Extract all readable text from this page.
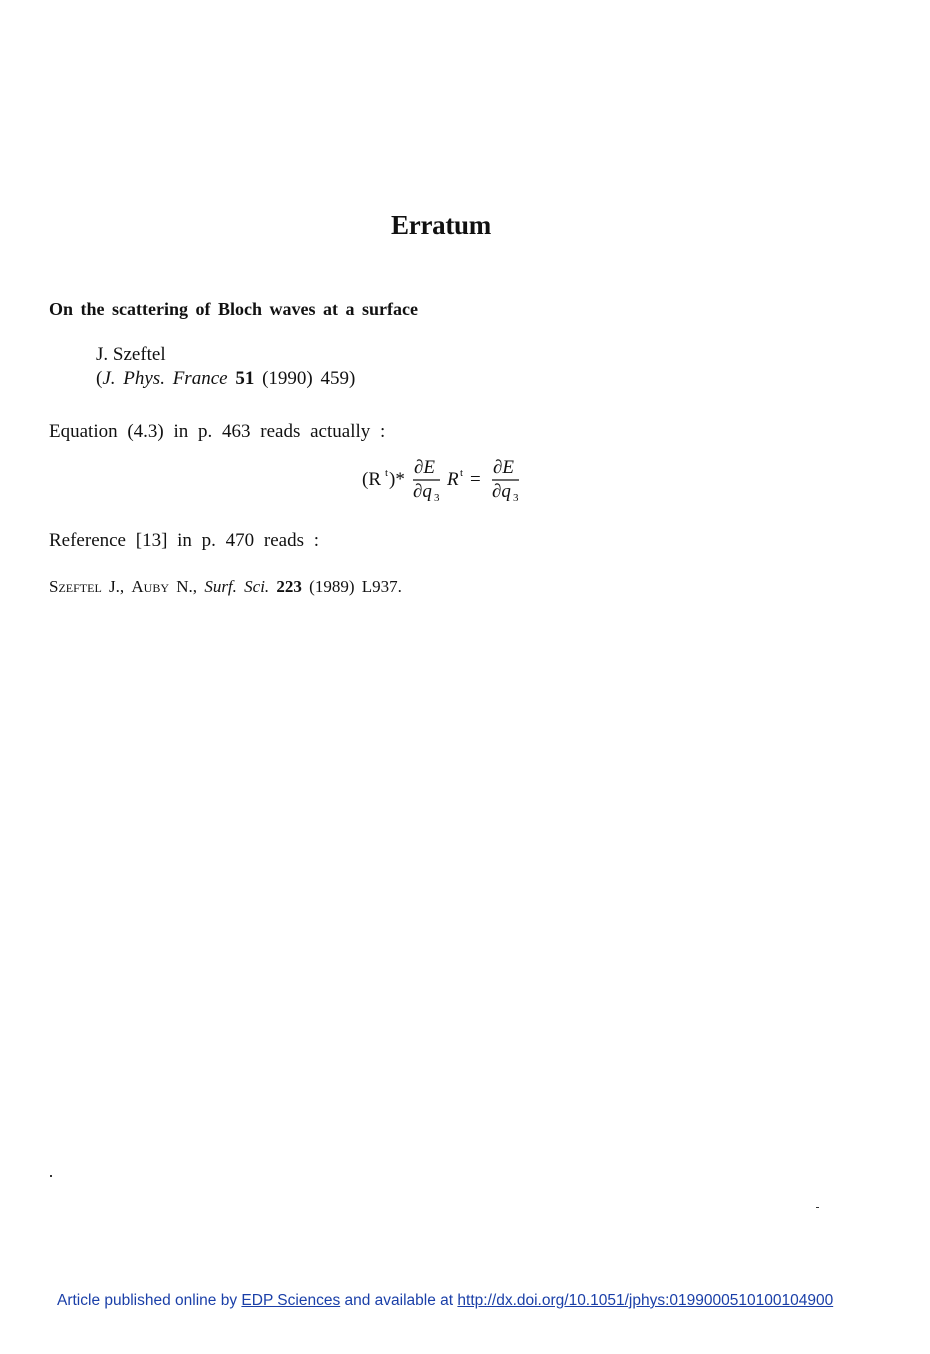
Erratum
On the scattering of Bloch waves at a surface
J. Szeftel
(J. Phys. France 51 (1990) 459)
Equation (4.3) in p. 463 reads actually :
(R t )*
∂E
∂q 3
R t =
∂E
∂q 3
Reference [13] in p. 470 reads :
Szeftel J., Auby N., Surf. Sci. 223 (1989) L937.
Article published online by EDP Sciences and available at http://dx.doi.org/10.1051/jphys:0199000510100104900
